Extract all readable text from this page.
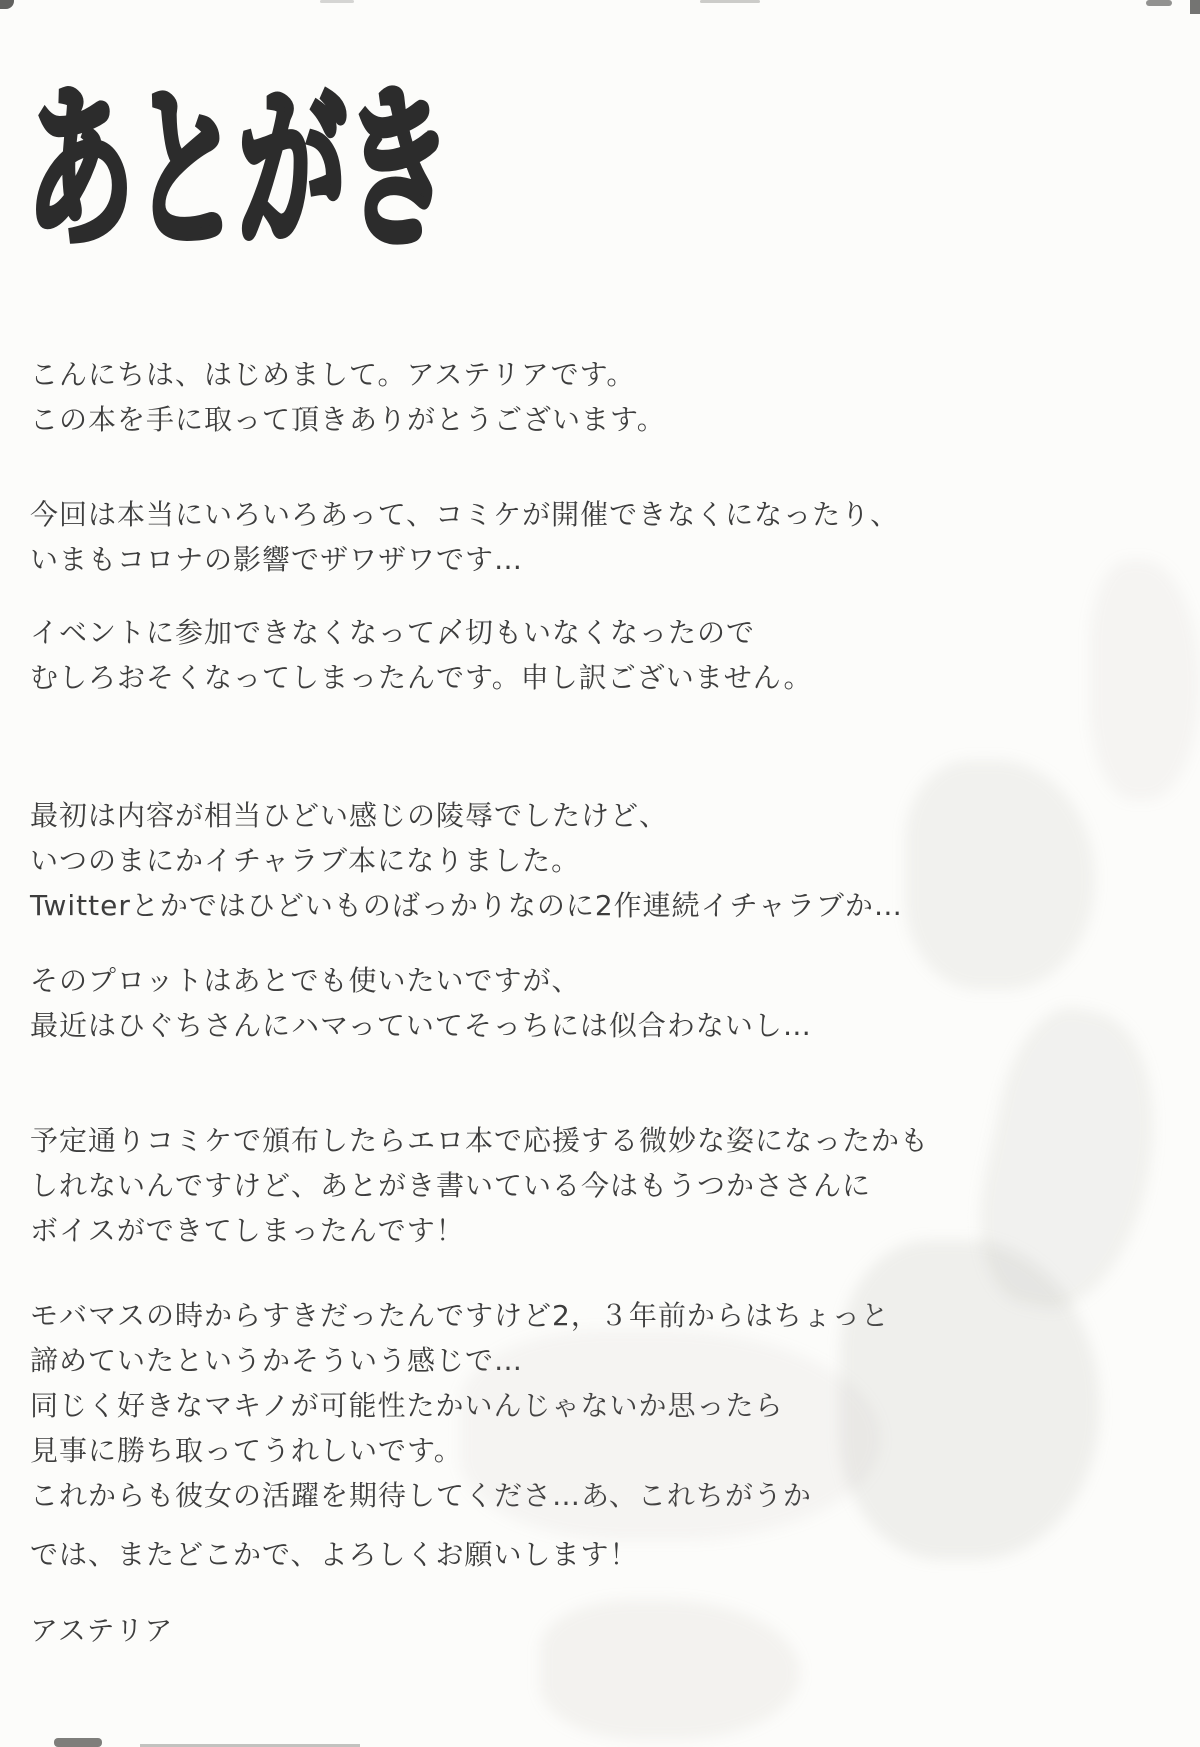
あとがき

こんにちは、はじめまして。アステリアです。

この本を手に取って頂きありがとうございます。

今回は本当にいろいろあって、コミケが開催できなくになったり、

いまもコロナの影響でザワザワです…

イベントに参加できなくなって〆切もいなくなったので

むしろおそくなってしまったんです。申し訳ございません。

最初は内容が相当ひどい感じの陵辱でしたけど、

いつのまにかイチャラブ本になりました。

Twitterとかではひどいものばっかりなのに2作連続イチャラブか…

そのプロットはあとでも使いたいですが、

最近はひぐちさんにハマっていてそっちには似合わないし…

予定通りコミケで頒布したらエロ本で応援する微妙な姿になったかも

しれないんですけど、あとがき書いている今はもうつかささんに

ボイスができてしまったんです！

モバマスの時からすきだったんですけど2，３年前からはちょっと

諦めていたというかそういう感じで…

同じく好きなマキノが可能性たかいんじゃないか思ったら

見事に勝ち取ってうれしいです。

これからも彼女の活躍を期待してくださ…あ、これちがうか

では、またどこかで、よろしくお願いします！

アステリア
